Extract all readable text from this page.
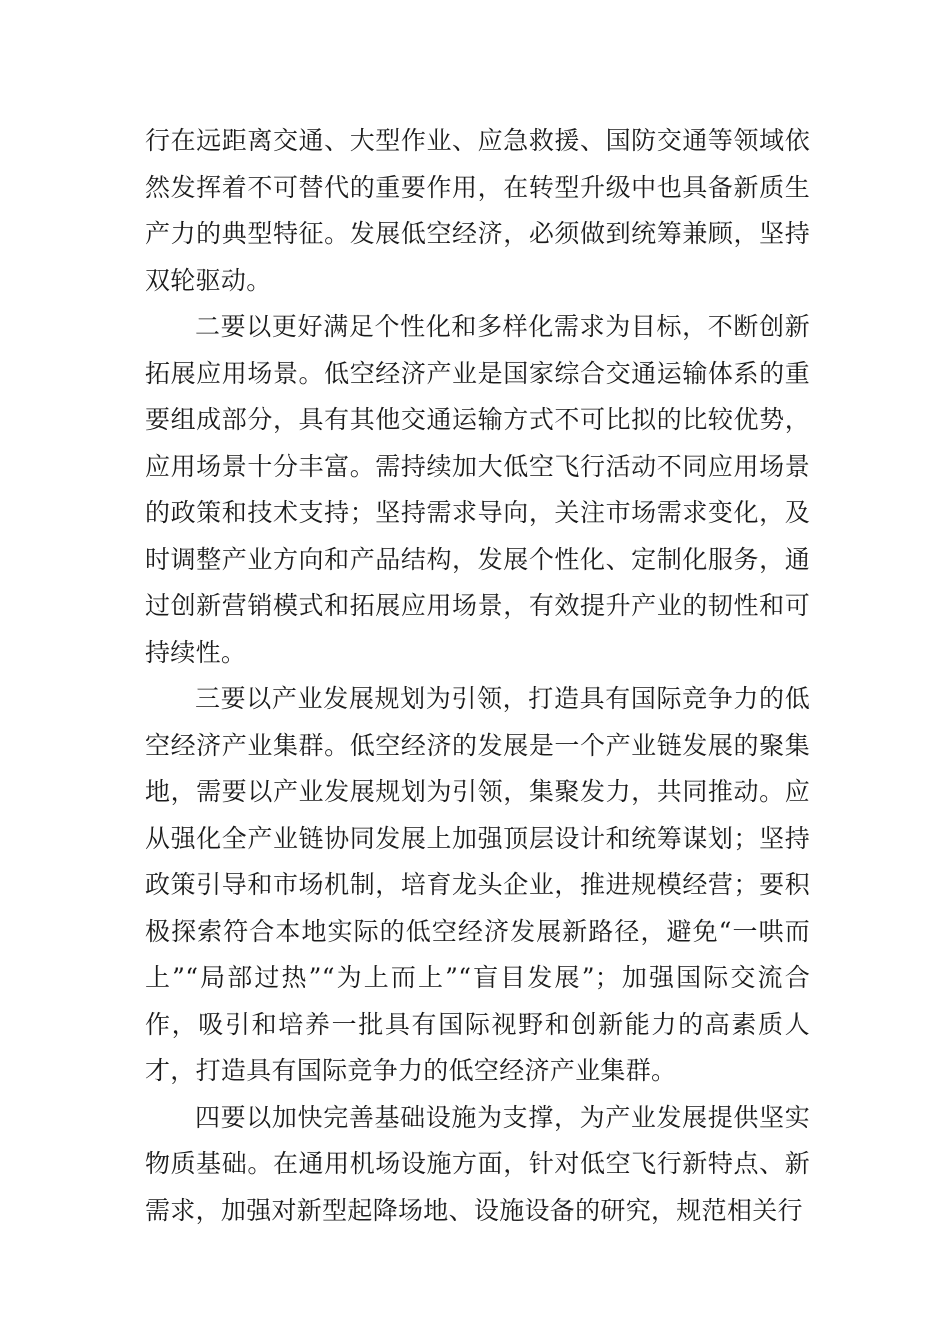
行在远距离交通、大型作业、应急救援、国防交通等领域依然发挥着不可替代的重要作用，在转型升级中也具备新质生产力的典型特征。发展低空经济，必须做到统筹兼顾，坚持双轮驱动。

二要以更好满足个性化和多样化需求为目标，不断创新拓展应用场景。低空经济产业是国家综合交通运输体系的重要组成部分，具有其他交通运输方式不可比拟的比较优势，应用场景十分丰富。需持续加大低空飞行活动不同应用场景的政策和技术支持；坚持需求导向，关注市场需求变化，及时调整产业方向和产品结构，发展个性化、定制化服务，通过创新营销模式和拓展应用场景，有效提升产业的韧性和可持续性。

三要以产业发展规划为引领，打造具有国际竞争力的低空经济产业集群。低空经济的发展是一个产业链发展的聚集地，需要以产业发展规划为引领，集聚发力，共同推动。应从强化全产业链协同发展上加强顶层设计和统筹谋划；坚持政策引导和市场机制，培育龙头企业，推进规模经营；要积极探索符合本地实际的低空经济发展新路径，避免“一哄而上”“局部过热”“为上而上”“盲目发展”；加强国际交流合作，吸引和培养一批具有国际视野和创新能力的高素质人才，打造具有国际竞争力的低空经济产业集群。

四要以加快完善基础设施为支撑，为产业发展提供坚实物质基础。在通用机场设施方面，针对低空飞行新特点、新需求，加强对新型起降场地、设施设备的研究，规范相关行
